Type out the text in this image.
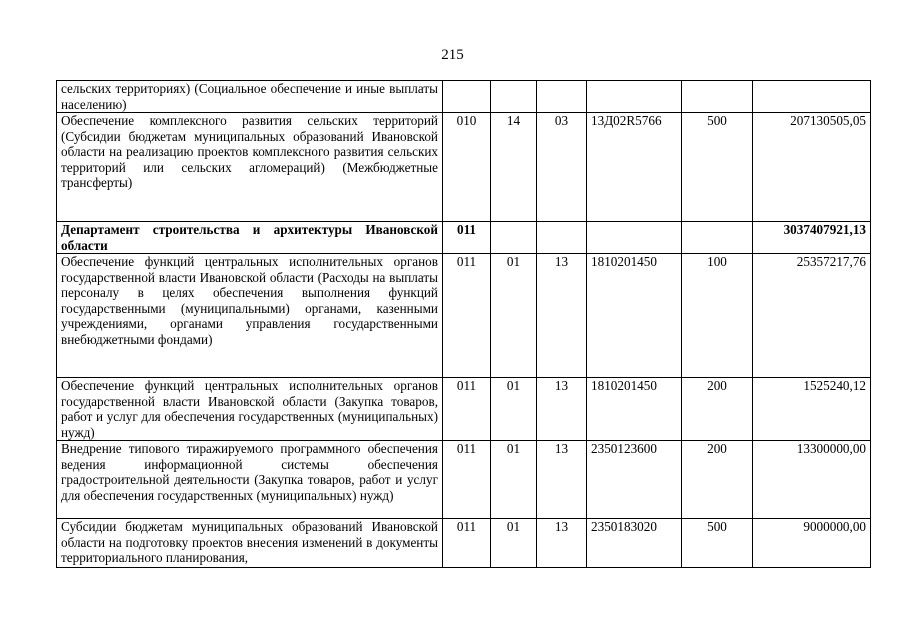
215
сельских территориях) (Социальное обеспечение и иные выплаты населению)						
Обеспечение комплексного развития сельских территорий (Субсидии бюджетам муниципальных образований Ивановской области на реализацию проектов комплексного развития сельских территорий или сельских агломераций) (Межбюджетные трансферты)	010	14	03	13Д02R5766	500	207130505,05
Департамент строительства и архитектуры Ивановской области	011					3037407921,13
Обеспечение функций центральных исполнительных органов государственной власти Ивановской области (Расходы на выплаты персоналу в целях обеспечения выполнения функций государственными (муниципальными) органами, казенными учреждениями, органами управления государственными внебюджетными фондами)	011	01	13	1810201450	100	25357217,76
Обеспечение функций центральных исполнительных органов государственной власти Ивановской области (Закупка товаров, работ и услуг для обеспечения государственных (муниципальных) нужд)	011	01	13	1810201450	200	1525240,12
Внедрение типового тиражируемого программного обеспечения ведения информационной системы обеспечения градостроительной деятельности (Закупка товаров, работ и услуг для обеспечения государственных (муниципальных) нужд)	011	01	13	2350123600	200	13300000,00
Субсидии бюджетам муниципальных образований Ивановской области на подготовку проектов внесения изменений в документы территориального планирования,	011	01	13	2350183020	500	9000000,00
